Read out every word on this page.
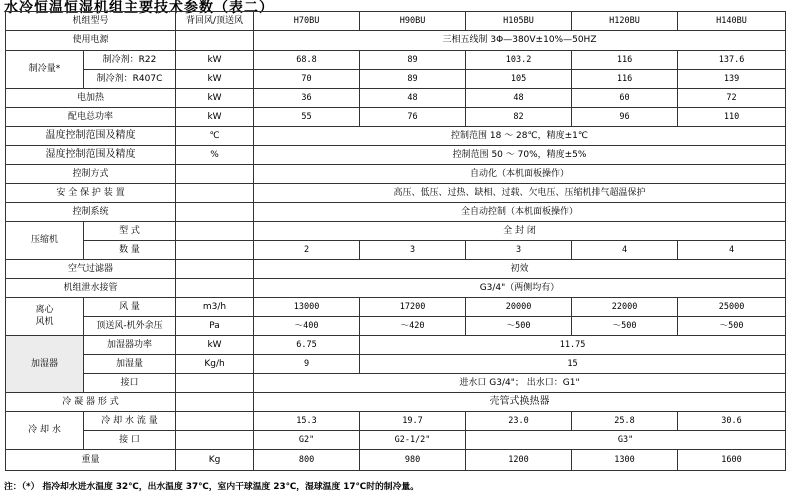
水冷恒温恒湿机组主要技术参数（表二）
机组型号		背回风/顶送风	H70BU	H90BU	H105BU	H120BU	H140BU
使用电源			三相五线制 3Φ—380V±10%—50HZ				
制冷量*	制冷剂：R22	kW	68.8	89	103.2	116	137.6
	制冷剂：R407C	kW	70	89	105	116	139
电加热		kW	36	48	48	60	72
配电总功率		kW	55	76	82	96	110
温度控制范围及精度		℃	控制范围 18 ～ 28℃，精度±1℃				
湿度控制范围及精度		%	控制范围 50 ～ 70%，精度±5%				
控制方式			自动化（本机面板操作）				
安 全 保 护 装 置			高压、低压、过热、缺相、过载、欠电压、压缩机排气超温保护				
控制系统			全自动控制（本机面板操作）				
压缩机	型 式		全 封 闭				
	数 量		2	3	3	4	4
空气过滤器			初效				
机组泄水接管			G3/4"（两侧均有）				
离心
风机	风 量	m3/h	13000	17200	20000	22000	25000
	顶送风-机外余压	Pa	～400	～420	～500	～500	～500
加湿器	加湿器功率	kW	6.75	11.75			
	加湿量	Kg/h	9	15			
	接口		进水口 G3/4"； 出水口：G1"				
冷 凝 器 形 式			壳管式换热器				
冷 却 水	冷 却 水 流 量		15.3	19.7	23.0	25.8	30.6
	接 口		G2"	G2-1/2"	G3"		
重量		Kg	800	980	1200	1300	1600
注：（*） 指冷却水进水温度 32℃，出水温度 37℃，室内干球温度 23℃，湿球温度 17℃时的制冷量。
